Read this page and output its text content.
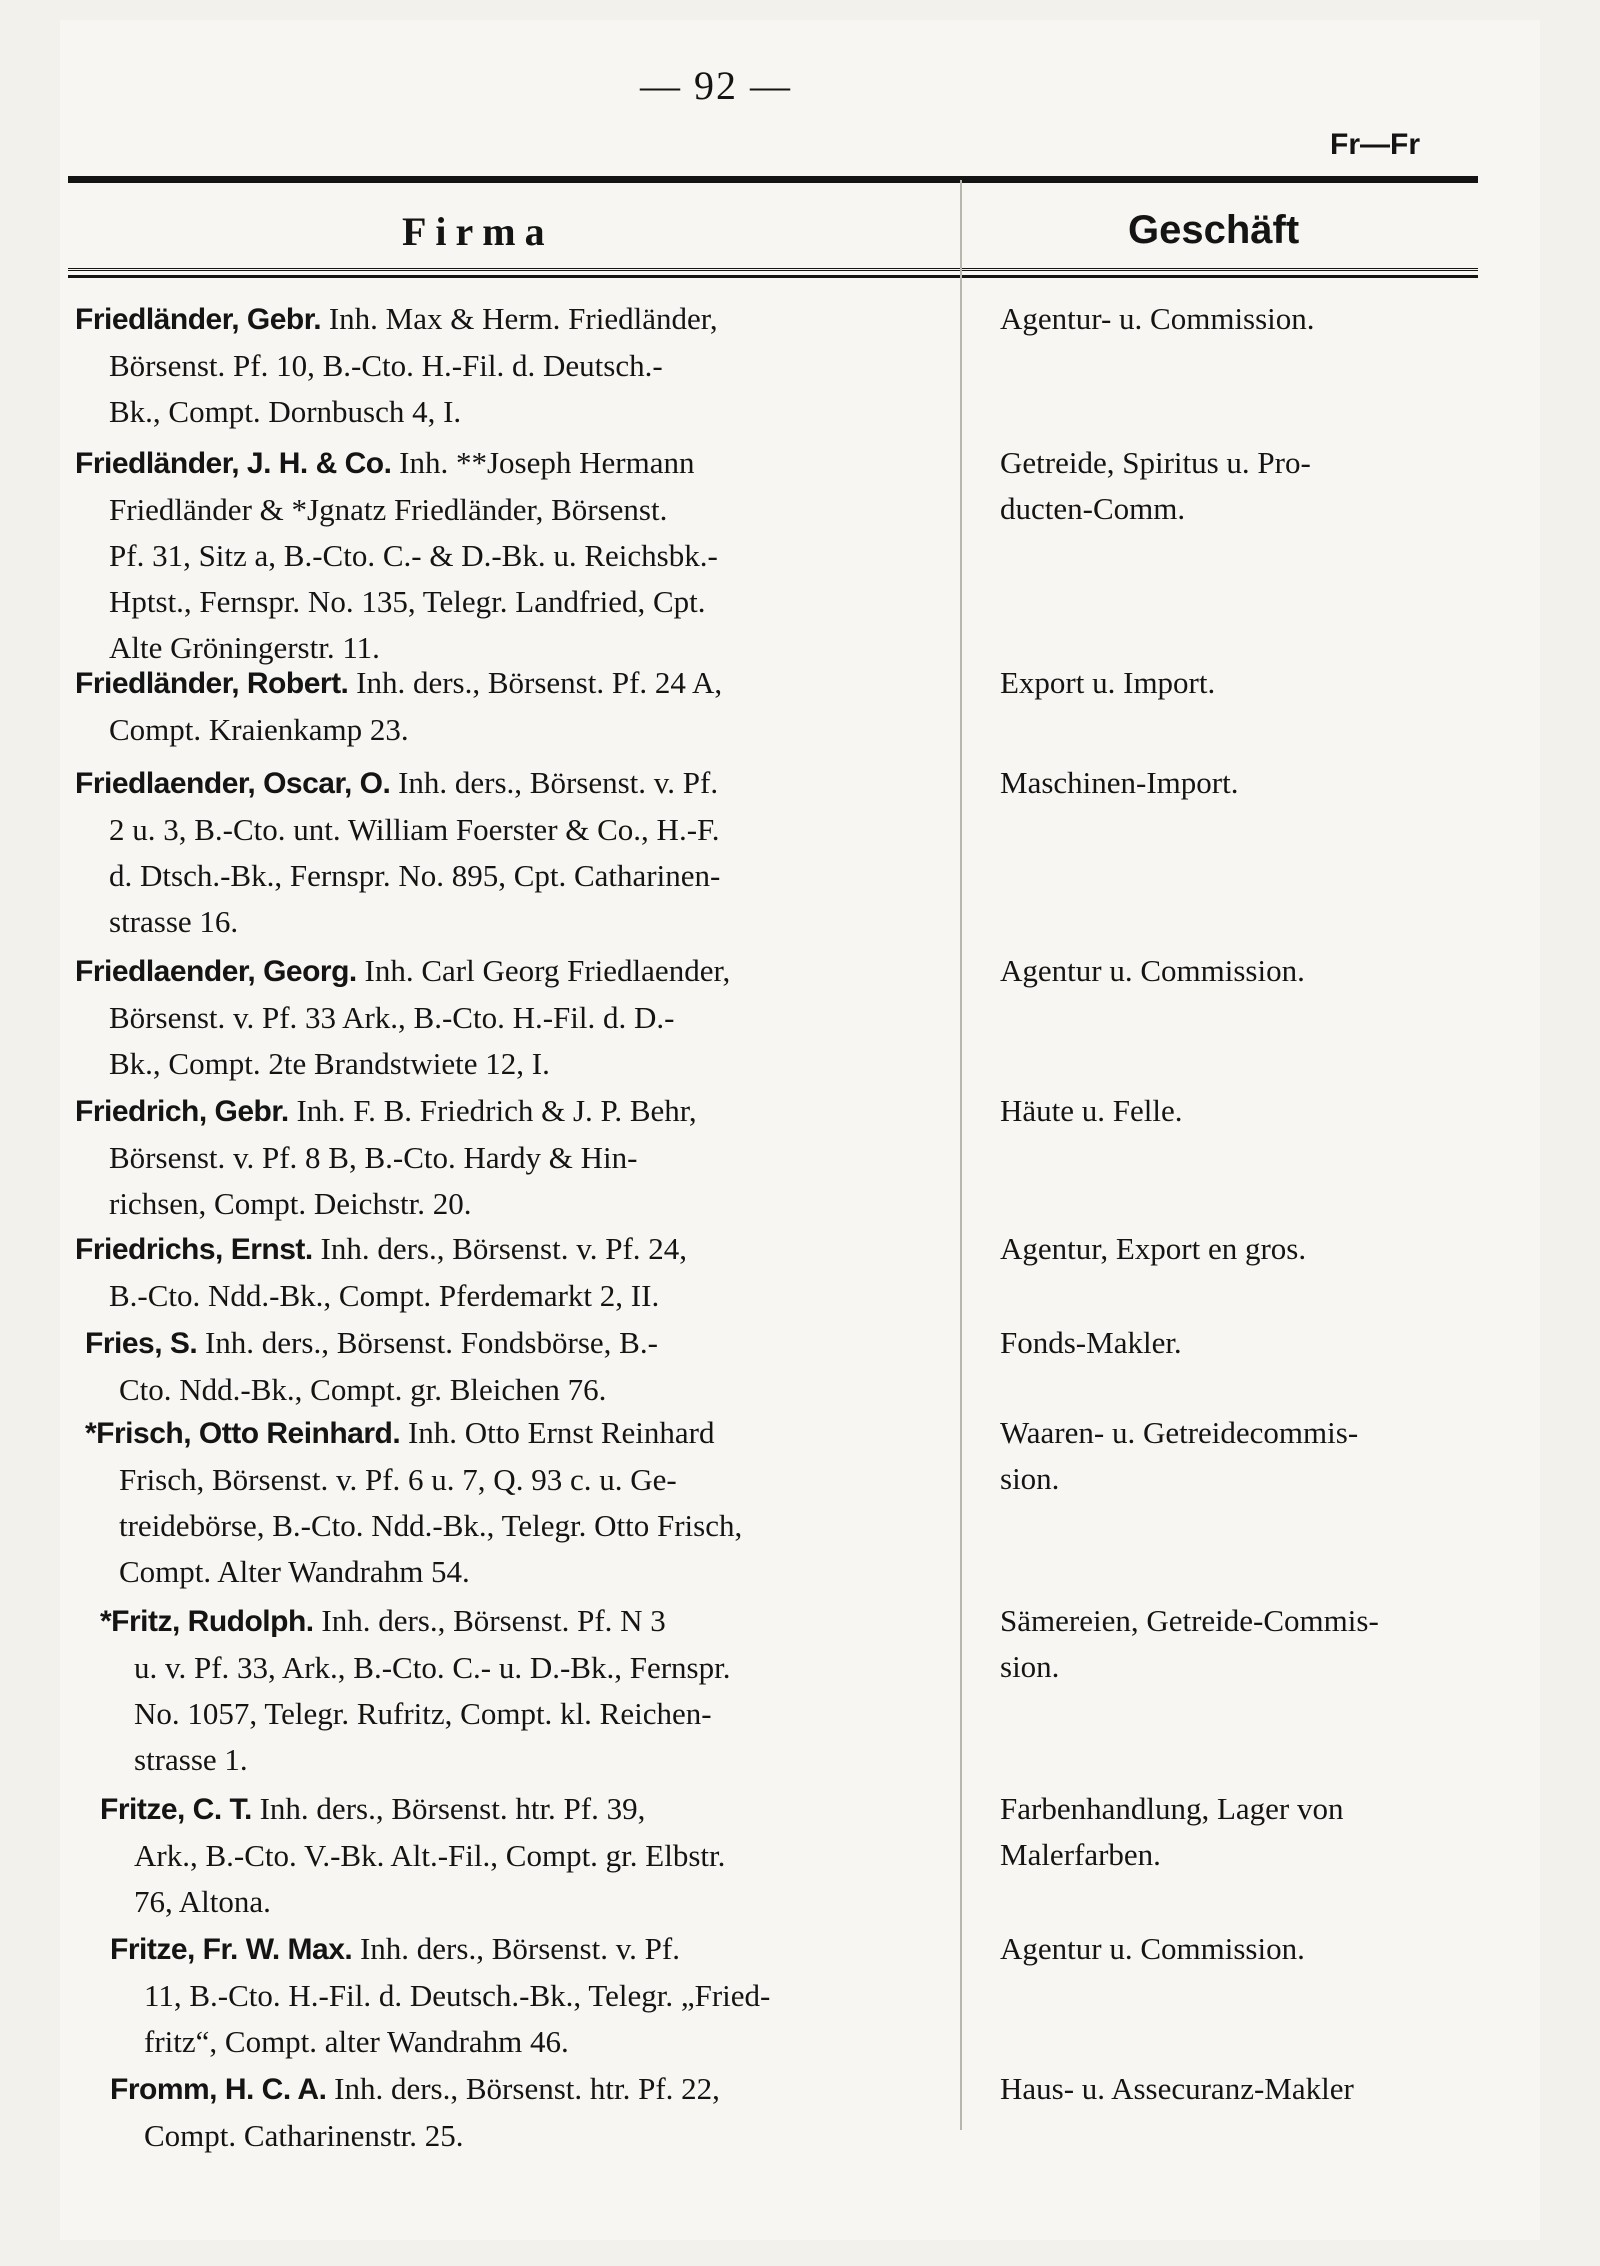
— 92 —
Fr—Fr
Firma	Geschäft
Friedländer, Gebr. Inh. Max & Herm. Friedländer,
Börsenst. Pf. 10, B.-Cto. H.-Fil. d. Deutsch.-
Bk., Compt. Dornbusch 4, I.
Agentur- u. Commission.
Friedländer, J. H. & Co. Inh. **Joseph Hermann
Friedländer & *Jgnatz Friedländer, Börsenst.
Pf. 31, Sitz a, B.-Cto. C.- & D.-Bk. u. Reichsbk.-
Hptst., Fernspr. No. 135, Telegr. Landfried, Cpt.
Alte Gröningerstr. 11.
Getreide, Spiritus u. Pro-
ducten-Comm.
Friedländer, Robert. Inh. ders., Börsenst. Pf. 24 A,
Compt. Kraienkamp 23.
Export u. Import.
Friedlaender, Oscar, O. Inh. ders., Börsenst. v. Pf.
2 u. 3, B.-Cto. unt. William Foerster & Co., H.-F.
d. Dtsch.-Bk., Fernspr. No. 895, Cpt. Catharinen-
strasse 16.
Maschinen-Import.
Friedlaender, Georg. Inh. Carl Georg Friedlaender,
Börsenst. v. Pf. 33 Ark., B.-Cto. H.-Fil. d. D.-
Bk., Compt. 2te Brandstwiete 12, I.
Agentur u. Commission.
Friedrich, Gebr. Inh. F. B. Friedrich & J. P. Behr,
Börsenst. v. Pf. 8 B, B.-Cto. Hardy & Hin-
richsen, Compt. Deichstr. 20.
Häute u. Felle.
Friedrichs, Ernst. Inh. ders., Börsenst. v. Pf. 24,
B.-Cto. Ndd.-Bk., Compt. Pferdemarkt 2, II.
Agentur, Export en gros.
Fries, S. Inh. ders., Börsenst. Fondsbörse, B.-
Cto. Ndd.-Bk., Compt. gr. Bleichen 76.
Fonds-Makler.
*Frisch, Otto Reinhard. Inh. Otto Ernst Reinhard
Frisch, Börsenst. v. Pf. 6 u. 7, Q. 93 c. u. Ge-
treidebörse, B.-Cto. Ndd.-Bk., Telegr. Otto Frisch,
Compt. Alter Wandrahm 54.
Waaren- u. Getreidecommis-
sion.
*Fritz, Rudolph. Inh. ders., Börsenst. Pf. N 3
u. v. Pf. 33, Ark., B.-Cto. C.- u. D.-Bk., Fernspr.
No. 1057, Telegr. Rufritz, Compt. kl. Reichen-
strasse 1.
Sämereien, Getreide-Commis-
sion.
Fritze, C. T. Inh. ders., Börsenst. htr. Pf. 39,
Ark., B.-Cto. V.-Bk. Alt.-Fil., Compt. gr. Elbstr.
76, Altona.
Farbenhandlung, Lager von
Malerfarben.
Fritze, Fr. W. Max. Inh. ders., Börsenst. v. Pf.
11, B.-Cto. H.-Fil. d. Deutsch.-Bk., Telegr. „Fried-
fritz“, Compt. alter Wandrahm 46.
Agentur u. Commission.
Fromm, H. C. A. Inh. ders., Börsenst. htr. Pf. 22,
Compt. Catharinenstr. 25.
Haus- u. Assecuranz-Makler
